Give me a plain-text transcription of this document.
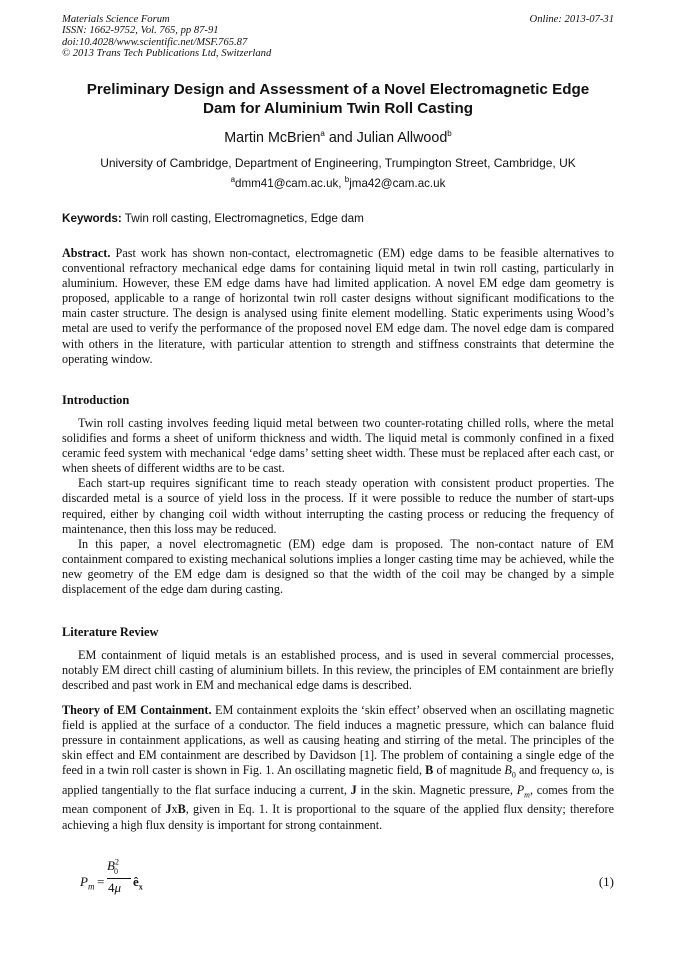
Materials Science Forum
ISSN: 1662-9752, Vol. 765, pp 87-91
doi:10.4028/www.scientific.net/MSF.765.87
© 2013 Trans Tech Publications Ltd, Switzerland
Online: 2013-07-31
Preliminary Design and Assessment of a Novel Electromagnetic Edge
Dam for Aluminium Twin Roll Casting
Martin McBrien$^a$ and Julian Allwood$^b$
University of Cambridge, Department of Engineering, Trumpington Street, Cambridge, UK
$^a$dmm41@cam.ac.uk, $^b$jma42@cam.ac.uk
Keywords: Twin roll casting, Electromagnetics, Edge dam

Abstract. Past work has shown non-contact, electromagnetic (EM) edge dams to be feasible alternatives to conventional refractory mechanical edge dams for containing liquid metal in twin roll casting, particularly in aluminium. However, these EM edge dams have had limited application. A novel EM edge dam geometry is proposed, applicable to a range of horizontal twin roll caster designs without significant modifications to the main caster structure. The design is analysed using finite element modelling. Static experiments using Wood’s metal are used to verify the performance of the proposed novel EM edge dam. The novel edge dam is compared with others in the literature, with particular attention to strength and stiffness constraints that determine the operating window.

Introduction

Twin roll casting involves feeding liquid metal between two counter-rotating chilled rolls, where the metal solidifies and forms a sheet of uniform thickness and width. The liquid metal is commonly confined in a fixed ceramic feed system with mechanical ‘edge dams’ setting sheet width. These must be replaced after each cast, or when sheets of different widths are to be cast.

Each start-up requires significant time to reach steady operation with consistent product properties. The discarded metal is a source of yield loss in the process. If it were possible to reduce the number of start-ups required, either by changing coil width without interrupting the casting process or reducing the frequency of maintenance, then this loss may be reduced.

In this paper, a novel electromagnetic (EM) edge dam is proposed. The non-contact nature of EM containment compared to existing mechanical solutions implies a longer casting time may be achieved, while the new geometry of the EM edge dam is designed so that the width of the coil may be changed by a simple displacement of the edge dam during casting.

Literature Review

EM containment of liquid metals is an established process, and is used in several commercial processes, notably EM direct chill casting of aluminium billets. In this review, the principles of EM containment are briefly described and past work in EM and mechanical edge dams is described.

Theory of EM Containment. EM containment exploits the ‘skin effect’ observed when an oscillating magnetic field is applied at the surface of a conductor. The field induces a magnetic pressure, which can balance fluid pressure in containment applications, as well as causing heating and stirring of the metal. The principles of the skin effect and EM containment are described by Davidson [1]. The problem of containing a single edge of the feed in a twin roll caster is shown in Fig. 1. An oscillating magnetic field, B of magnitude $B_0$ and frequency ω, is applied tangentially to the flat surface inducing a current, J in the skin. Magnetic pressure, $P_m$, comes from the mean component of JxB, given in Eq. 1. It is proportional to the square of the applied flux density; therefore achieving a high flux density is important for strong containment.

$P_m$ =
$B^2_0$
4μ $ê_x$	(1)
